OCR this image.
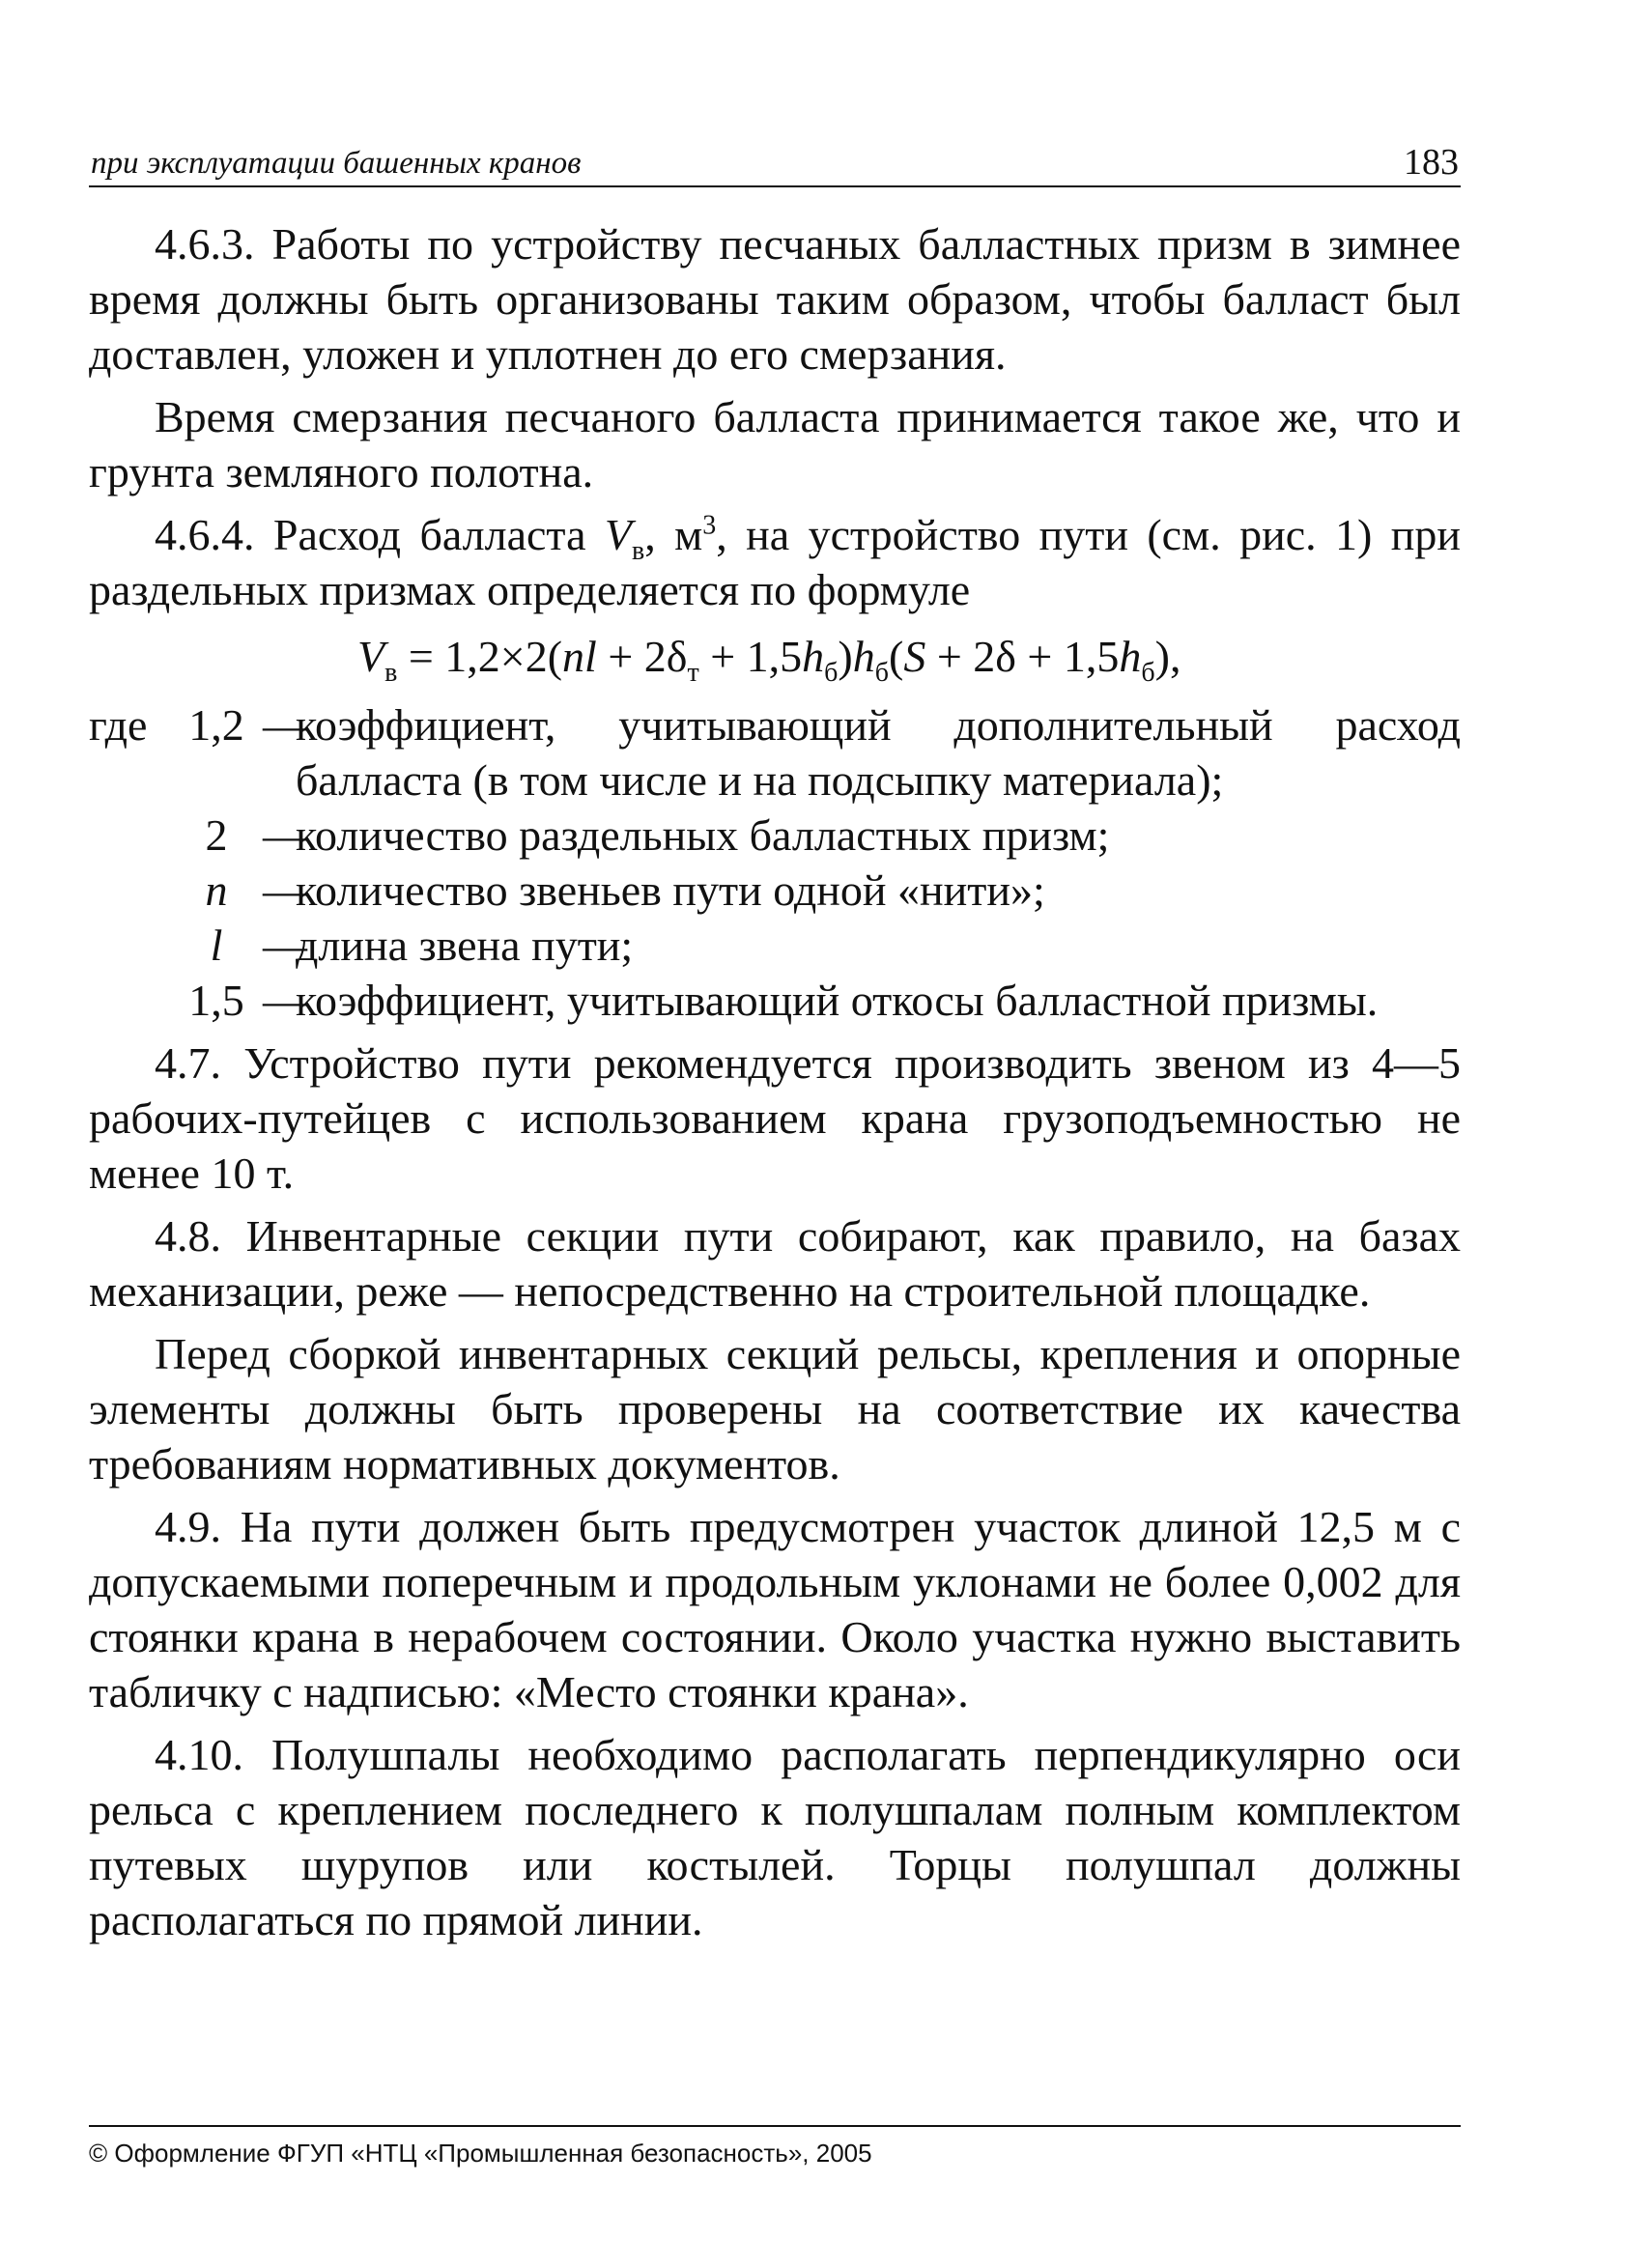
при эксплуатации башенных кранов	183

4.6.3. Работы по устройству песчаных балластных призм в зимнее время должны быть организованы таким образом, чтобы балласт был доставлен, уложен и уплотнен до его смерзания.

Время смерзания песчаного балласта принимается такое же, что и грунта земляного полотна.

4.6.4. Расход балласта $V_в$, $м^3$, на устройство пути (см. рис. 1) при раздельных призмах определяется по формуле

$V_в = 1,2\times 2(nl + 2\delta_т + 1,5h_б)h_б(S + 2\delta + 1,5h_б)$,
где 1,2 —
коэффициент, учитывающий дополнительный расход балласта (в том числе и на подсыпку материала);
2 —
количество раздельных балластных призм;
n —
количество звеньев пути одной «нити»;
l —
длина звена пути;
1,5 —
коэффициент, учитывающий откосы балластной призмы.

4.7. Устройство пути рекомендуется производить звеном из 4—5 рабочих-путейцев с использованием крана грузоподъемностью не менее 10 т.

4.8. Инвентарные секции пути собирают, как правило, на базах механизации, реже — непосредственно на строительной площадке.

Перед сборкой инвентарных секций рельсы, крепления и опорные элементы должны быть проверены на соответствие их качества требованиям нормативных документов.

4.9. На пути должен быть предусмотрен участок длиной 12,5 м с допускаемыми поперечным и продольным уклонами не более 0,002 для стоянки крана в нерабочем состоянии. Около участка нужно выставить табличку с надписью: «Место стоянки крана».

4.10. Полушпалы необходимо располагать перпендикулярно оси рельса с креплением последнего к полушпалам полным комплектом путевых шурупов или костылей. Торцы полушпал должны располагаться по прямой линии.

© Оформление ФГУП «НТЦ «Промышленная безопасность», 2005
